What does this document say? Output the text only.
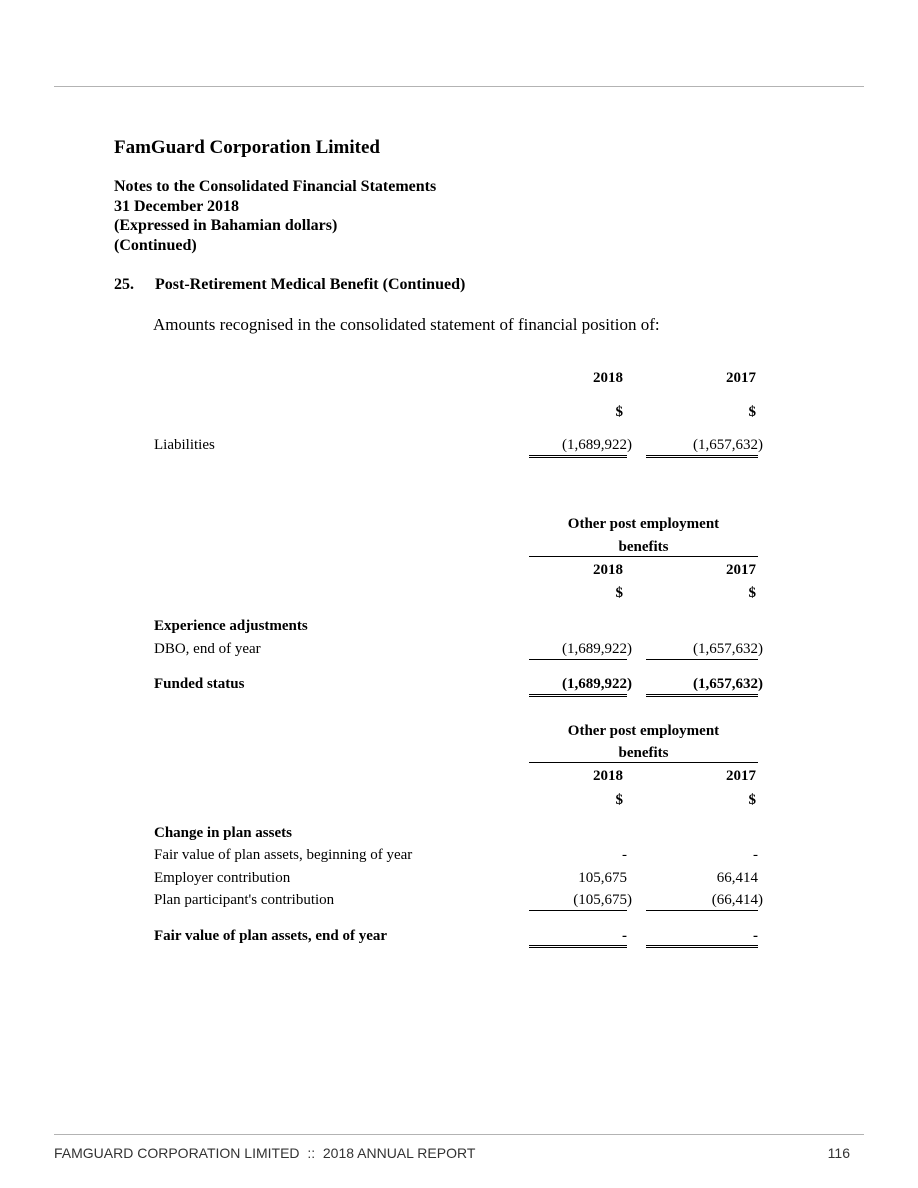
FamGuard Corporation Limited
Notes to the Consolidated Financial Statements
31 December 2018
(Expressed in Bahamian dollars)
(Continued)
25. Post-Retirement Medical Benefit (Continued)
Amounts recognised in the consolidated statement of financial position of:
2018	2017
$	$
Liabilities	(1,689,922 )	(1,657,632 )
Other post employment
benefits
2018	2017
$	$
Experience adjustments
DBO, end of year	(1,689,922 )	(1,657,632 )
Funded status	(1,689,922 )	(1,657,632 )
Other post employment
benefits
2018	2017
$	$
Change in plan assets
Fair value of plan assets, beginning of year	-	-
Employer contribution	105,675	66,414
Plan participant's contribution	(105,675 )	(66,414 )
Fair value of plan assets, end of year	-	-
FAMGUARD CORPORATION LIMITED  ::  2018 ANNUAL REPORT	116
